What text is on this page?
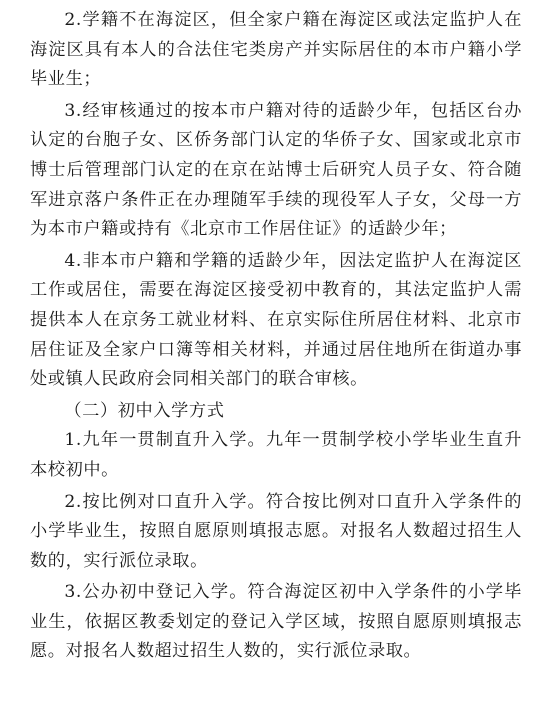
2.学籍不在海淀区，但全家户籍在海淀区或法定监护人在海淀区具有本人的合法住宅类房产并实际居住的本市户籍小学毕业生；

3.经审核通过的按本市户籍对待的适龄少年，包括区台办认定的台胞子女、区侨务部门认定的华侨子女、国家或北京市博士后管理部门认定的在京在站博士后研究人员子女、符合随军进京落户条件正在办理随军手续的现役军人子女，父母一方为本市户籍或持有《北京市工作居住证》的适龄少年；

4.非本市户籍和学籍的适龄少年，因法定监护人在海淀区工作或居住，需要在海淀区接受初中教育的，其法定监护人需提供本人在京务工就业材料、在京实际住所居住材料、北京市居住证及全家户口簿等相关材料，并通过居住地所在街道办事处或镇人民政府会同相关部门的联合审核。

（二）初中入学方式

1.九年一贯制直升入学。九年一贯制学校小学毕业生直升本校初中。

2.按比例对口直升入学。符合按比例对口直升入学条件的小学毕业生，按照自愿原则填报志愿。对报名人数超过招生人数的，实行派位录取。

3.公办初中登记入学。符合海淀区初中入学条件的小学毕业生，依据区教委划定的登记入学区域，按照自愿原则填报志愿。对报名人数超过招生人数的，实行派位录取。
